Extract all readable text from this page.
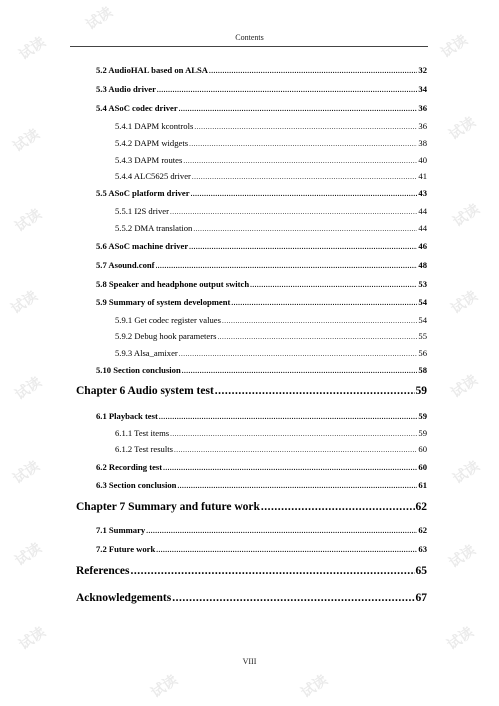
Contents
5.2 AudioHAL based on ALSA .....	32
5.3 Audio driver .....	34
5.4 ASoC codec driver .....	36
5.4.1 DAPM kcontrols .....	36
5.4.2 DAPM widgets .....	38
5.4.3 DAPM routes .....	40
5.4.4 ALC5625 driver .....	41
5.5 ASoC platform driver .....	43
5.5.1 I2S driver .....	44
5.5.2 DMA translation .....	44
5.6 ASoC machine driver .....	46
5.7 Asound.conf .....	48
5.8 Speaker and headphone output switch .....	53
5.9 Summary of system development .....	54
5.9.1 Get codec register values .....	54
5.9.2 Debug hook parameters .....	55
5.9.3 Alsa_amixer .....	56
5.10 Section conclusion .....	58
Chapter 6 Audio system test .....	59
6.1 Playback test .....	59
6.1.1 Test items .....	59
6.1.2 Test results .....	60
6.2 Recording test .....	60
6.3 Section conclusion .....	61
Chapter 7 Summary and future work .....	62
7.1 Summary .....	62
7.2 Future work .....	63
References .....	65
Acknowledgements .....	67
试读
试读
试读
试读	试读
试读	试读
试读	试读
试读	试读
试读	试读
试读	试读
试读	试读
试读	试读
VIII
